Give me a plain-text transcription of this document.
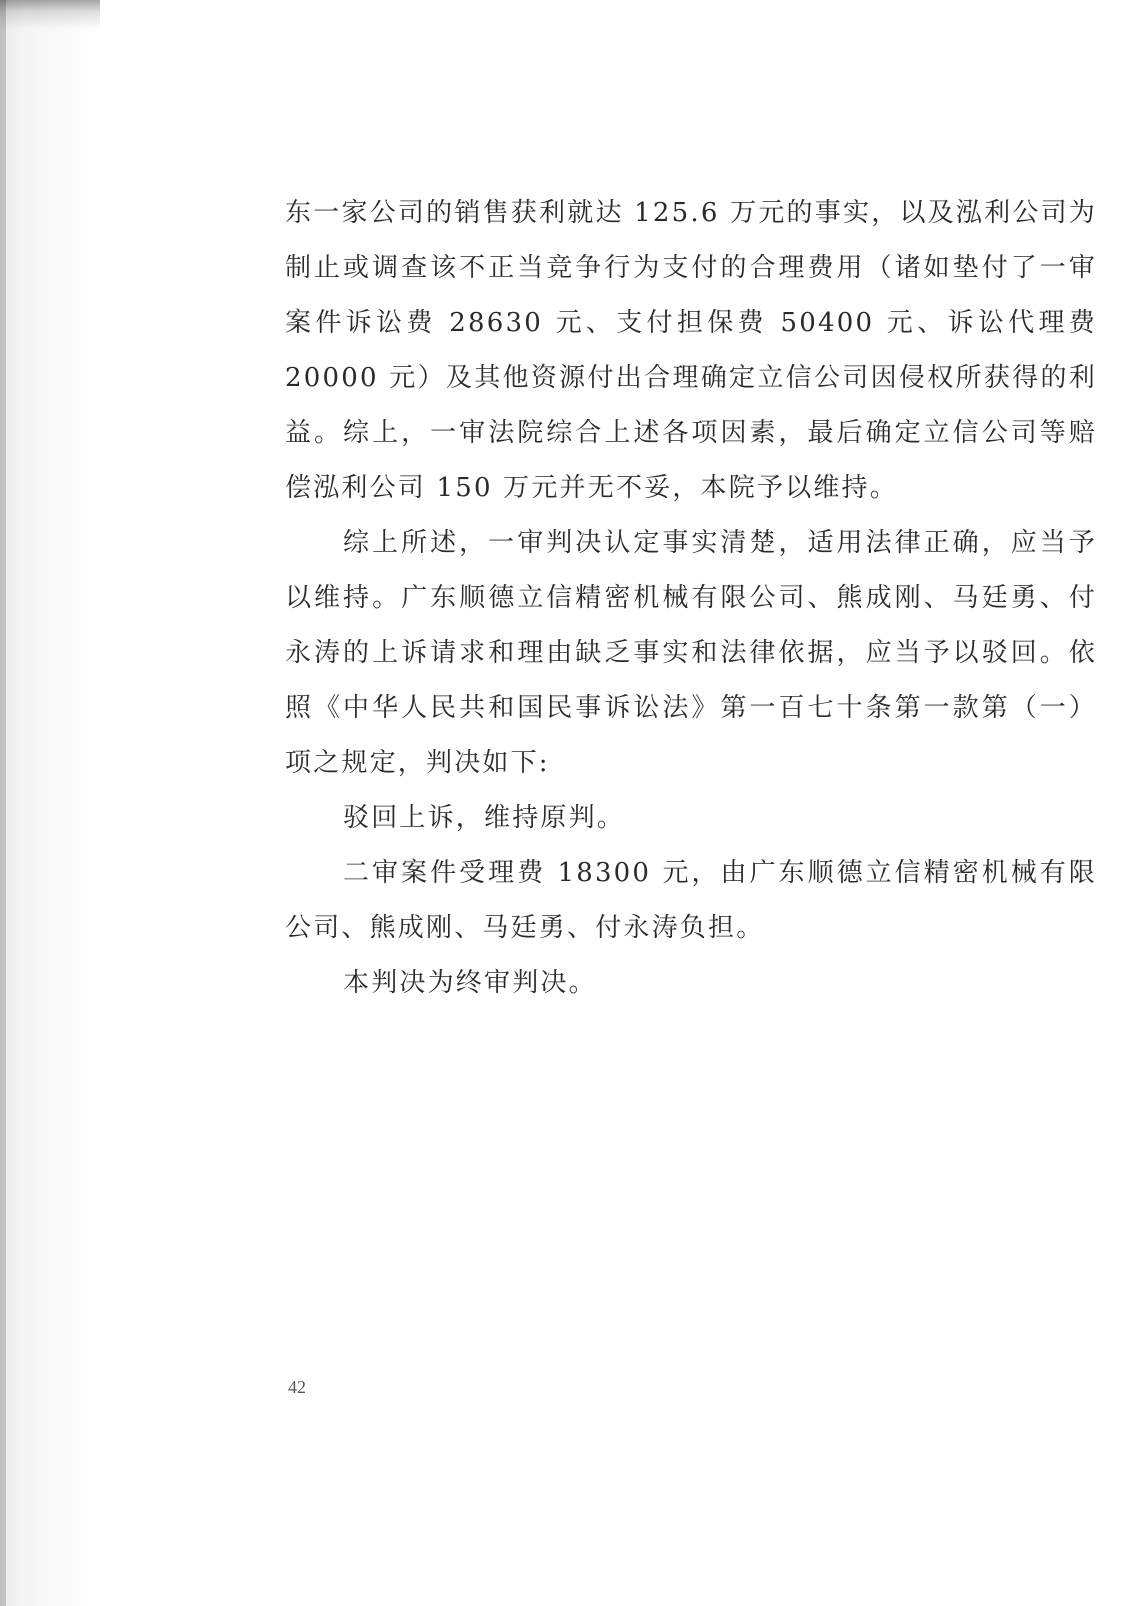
东一家公司的销售获利就达 125.6 万元的事实，以及泓利公司为制止或调查该不正当竞争行为支付的合理费用（诸如垫付了一审案件诉讼费 28630 元、支付担保费 50400 元、诉讼代理费 20000 元）及其他资源付出合理确定立信公司因侵权所获得的利益。综上，一审法院综合上述各项因素，最后确定立信公司等赔偿泓利公司 150 万元并无不妥，本院予以维持。

综上所述，一审判决认定事实清楚，适用法律正确，应当予以维持。广东顺德立信精密机械有限公司、熊成刚、马廷勇、付永涛的上诉请求和理由缺乏事实和法律依据，应当予以驳回。依照《中华人民共和国民事诉讼法》第一百七十条第一款第（一）项之规定，判决如下:

驳回上诉，维持原判。

二审案件受理费 18300 元，由广东顺德立信精密机械有限公司、熊成刚、马廷勇、付永涛负担。

本判决为终审判决。

42
